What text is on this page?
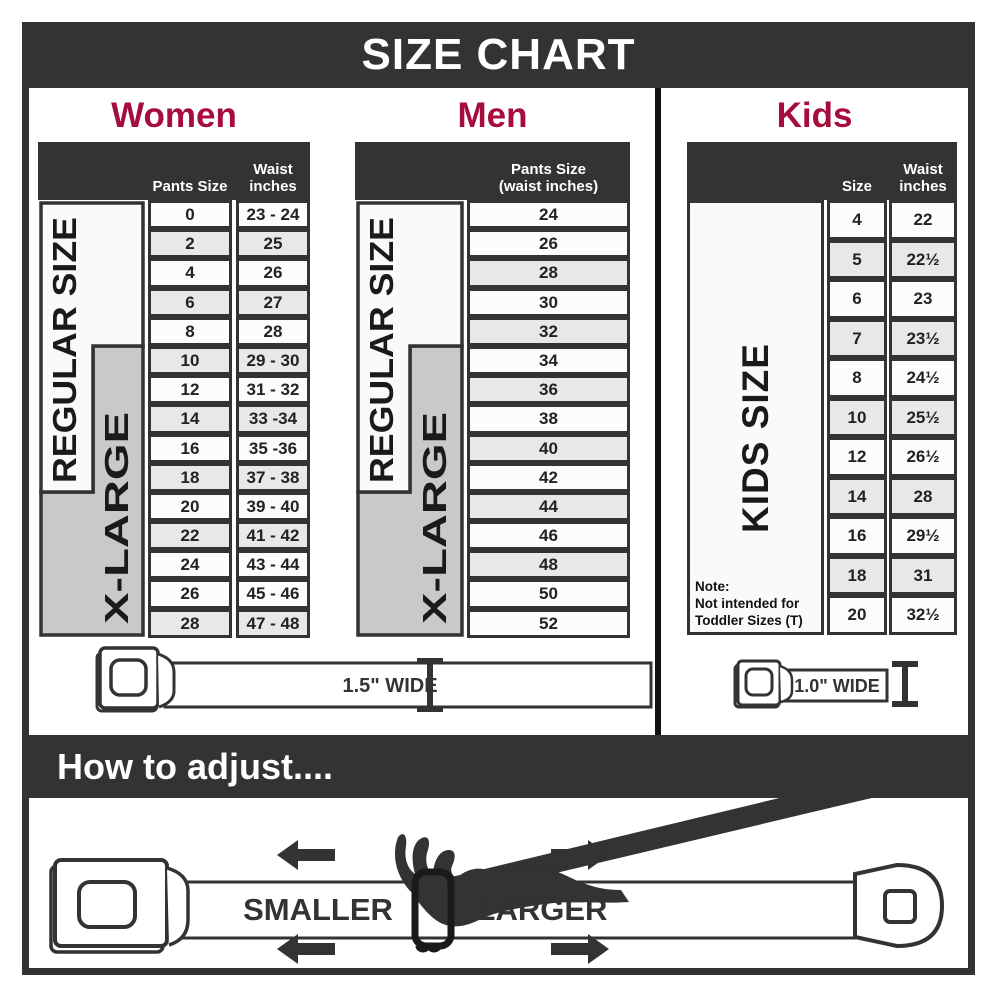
SIZE CHART
Women	Men
Pants Size
Waist
inches
REGULAR SIZE
X-LARGE
0
2
4
6
8
10
12
14
16
18
20
22
24
26
28
23 - 24
25
26
27
28
29 - 30
31 - 32
33 -34
35 -36
37 - 38
39 - 40
41 - 42
43 - 44
45 - 46
47 - 48
Pants Size
(waist inches)
REGULAR SIZE
X-LARGE
24
26
28
30
32
34
36
38
40
42
44
46
48
50
52
1.5" WIDE
Kids
Size
Waist
inches
KIDS SIZE
Note:
Not intended for
Toddler Sizes (T)
4
5
6
7
8
10
12
14
16
18
20
22
22½
23
23½
24½
25½
26½
28
29½
31
32½
1.0" WIDE
How to adjust....
SMALLER	LARGER
